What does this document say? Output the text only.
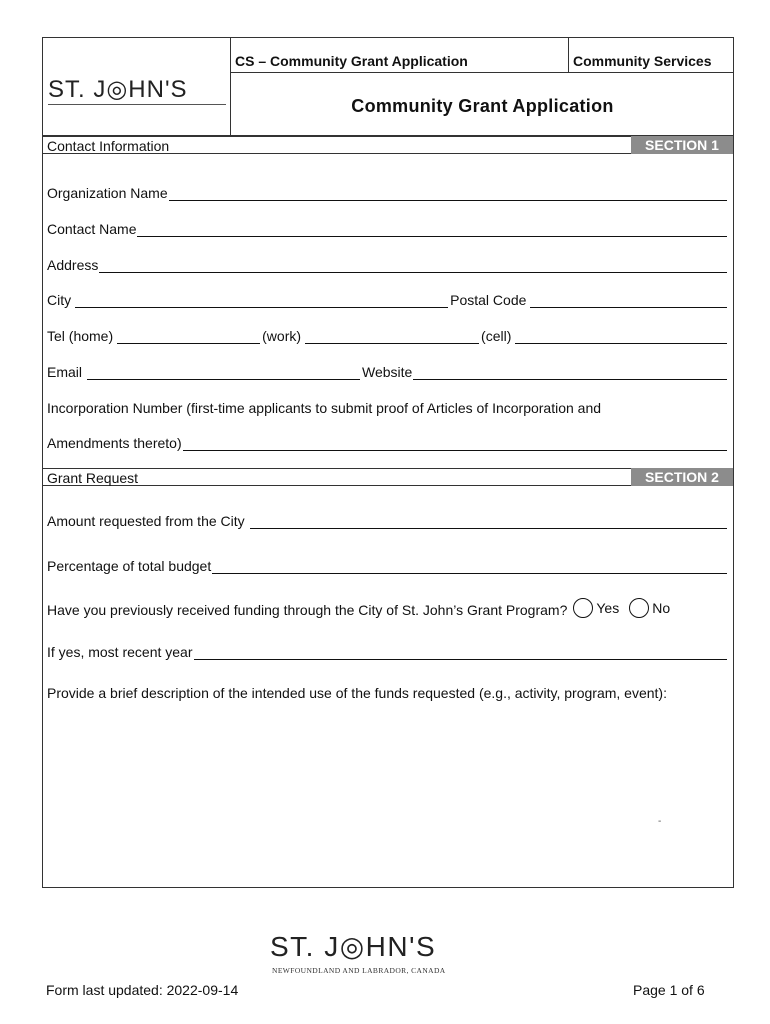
ST. J◎HN'S
CS – Community Grant Application	Community Services
Community Grant Application
Contact Information	SECTION 1
Organization Name
Contact Name
Address
City	Postal Code
Tel (home)	(work)	(cell)
Email	Website
Incorporation Number (first-time applicants to submit proof of Articles of Incorporation and
Amendments thereto)
Grant Request	SECTION 2
Amount requested from the City
Percentage of total budget
Have you previously received funding through the City of St. John’s Grant Program? Yes No
If yes, most recent year
Provide a brief description of the intended use of the funds requested (e.g., activity, program, event):
-
ST. J◎HN'S
NEWFOUNDLAND AND LABRADOR, CANADA
Form last updated: 2022-09-14	Page 1 of 6
